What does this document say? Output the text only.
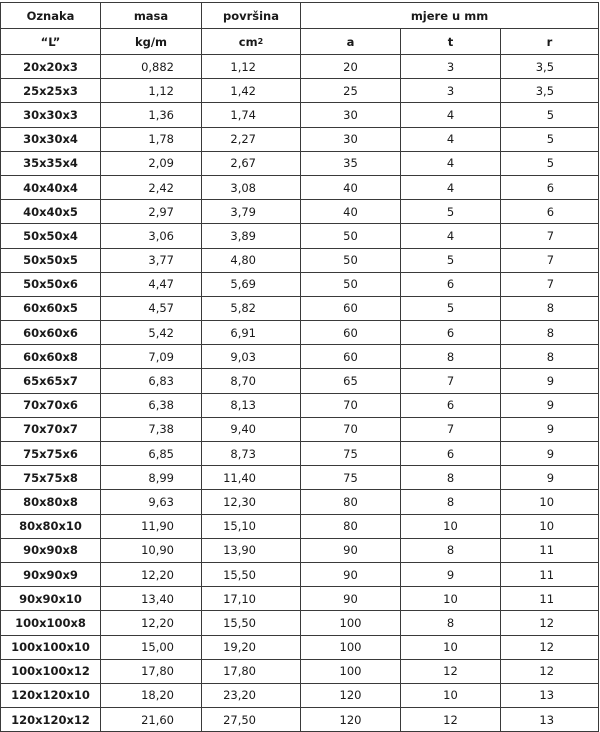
Oznaka	masa	površina	mjere u mm		
“L”	kg/m	$cm^2$	a	t	r
20x20x3	0,882	1,12	20	3	3,5
25x25x3	1,12	1,42	25	3	3,5
30x30x3	1,36	1,74	30	4	5
30x30x4	1,78	2,27	30	4	5
35x35x4	2,09	2,67	35	4	5
40x40x4	2,42	3,08	40	4	6
40x40x5	2,97	3,79	40	5	6
50x50x4	3,06	3,89	50	4	7
50x50x5	3,77	4,80	50	5	7
50x50x6	4,47	5,69	50	6	7
60x60x5	4,57	5,82	60	5	8
60x60x6	5,42	6,91	60	6	8
60x60x8	7,09	9,03	60	8	8
65x65x7	6,83	8,70	65	7	9
70x70x6	6,38	8,13	70	6	9
70x70x7	7,38	9,40	70	7	9
75x75x6	6,85	8,73	75	6	9
75x75x8	8,99	11,40	75	8	9
80x80x8	9,63	12,30	80	8	10
80x80x10	11,90	15,10	80	10	10
90x90x8	10,90	13,90	90	8	11
90x90x9	12,20	15,50	90	9	11
90x90x10	13,40	17,10	90	10	11
100x100x8	12,20	15,50	100	8	12
100x100x10	15,00	19,20	100	10	12
100x100x12	17,80	17,80	100	12	12
120x120x10	18,20	23,20	120	10	13
120x120x12	21,60	27,50	120	12	13
